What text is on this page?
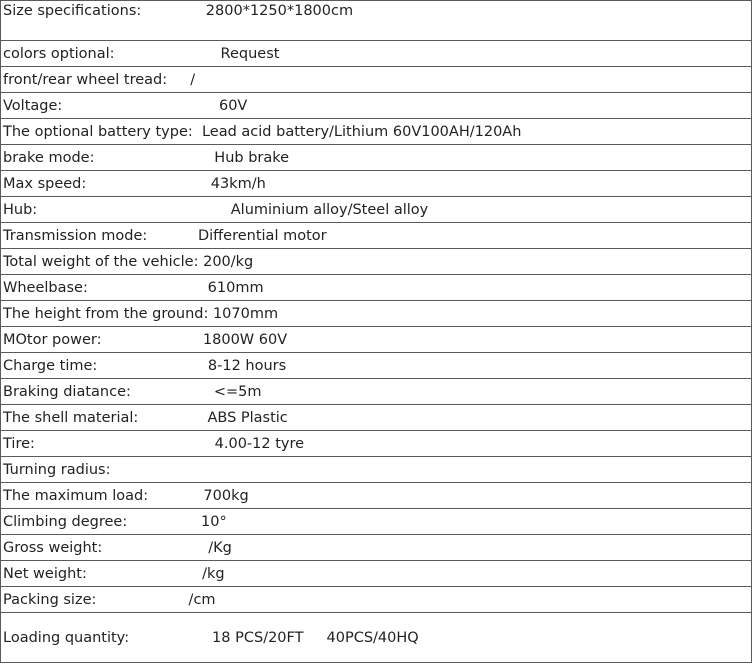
Size specifications:              2800*1250*1800cm
colors optional:                       Request
front/rear wheel tread:     /
Voltage:                                  60V
The optional battery type:  Lead acid battery/Lithium 60V100AH/120Ah
brake mode:                          Hub brake
Max speed:                           43km/h
Hub:                                          Aluminium alloy/Steel alloy
Transmission mode:           Differential motor
Total weight of the vehicle: 200/kg
Wheelbase:                          610mm
The height from the ground: 1070mm
MOtor power:                      1800W 60V
Charge time:                        8-12 hours
Braking diatance:                  <=5m
The shell material:               ABS Plastic
Tire:                                       4.00-12 tyre
Turning radius:
The maximum load:            700kg
Climbing degree:                10°
Gross weight:                       /Kg
Net weight:                         /kg
Packing size:                    /cm
Loading quantity:                  18 PCS/20FT     40PCS/40HQ
